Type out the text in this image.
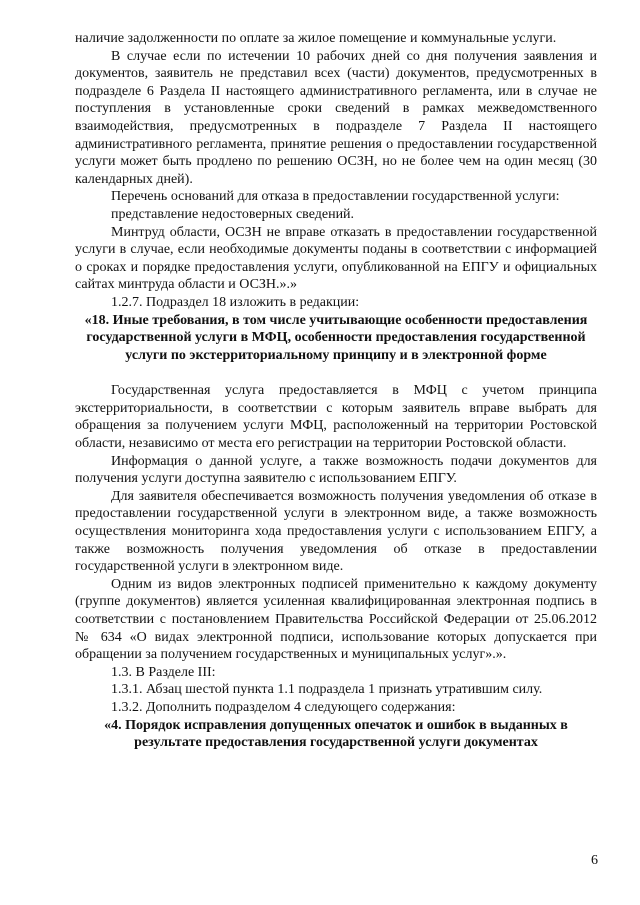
наличие задолженности по оплате за жилое помещение и коммунальные услуги.

В случае если по истечении 10 рабочих дней со дня получения заявления и документов, заявитель не представил всех (части) документов, предусмотренных в подразделе 6 Раздела II настоящего административного регламента, или в случае не поступления в установленные сроки сведений в рамках межведомственного взаимодействия, предусмотренных в подразделе 7 Раздела II настоящего административного регламента, принятие решения о предоставлении государственной услуги может быть продлено по решению ОСЗН, но не более чем на один месяц (30 календарных дней).

Перечень оснований для отказа в предоставлении государственной услуги:

представление недостоверных сведений.

Минтруд области, ОСЗН не вправе отказать в предоставлении государственной услуги в случае, если необходимые документы поданы в соответствии с информацией о сроках и порядке предоставления услуги, опубликованной на ЕПГУ и официальных сайтах минтруда области и ОСЗН.».»

1.2.7. Подраздел 18 изложить в редакции:

«18. Иные требования, в том числе учитывающие особенности предоставления государственной услуги в МФЦ, особенности предоставления государственной услуги по экстерриториальному принципу и в электронной форме

Государственная услуга предоставляется в МФЦ с учетом принципа экстерриториальности, в соответствии с которым заявитель вправе выбрать для обращения за получением услуги МФЦ, расположенный на территории Ростовской области, независимо от места его регистрации на территории Ростовской области.

Информация о данной услуге, а также возможность подачи документов для получения услуги доступна заявителю с использованием ЕПГУ.

Для заявителя обеспечивается возможность получения уведомления об отказе в предоставлении государственной услуги в электронном виде, а также возможность осуществления мониторинга хода предоставления услуги с использованием ЕПГУ, а также возможность получения уведомления об отказе в предоставлении государственной услуги в электронном виде.

Одним из видов электронных подписей применительно к каждому документу (группе документов) является усиленная квалифицированная электронная подпись в соответствии с постановлением Правительства Российской Федерации от 25.06.2012 № 634 «О видах электронной подписи, использование которых допускается при обращении за получением государственных и муниципальных услуг».».

1.3. В Разделе III:

1.3.1. Абзац шестой пункта 1.1 подраздела 1 признать утратившим силу.

1.3.2. Дополнить подразделом 4 следующего содержания:

«4. Порядок исправления допущенных опечаток и ошибок в выданных в результате предоставления государственной услуги документах

6
